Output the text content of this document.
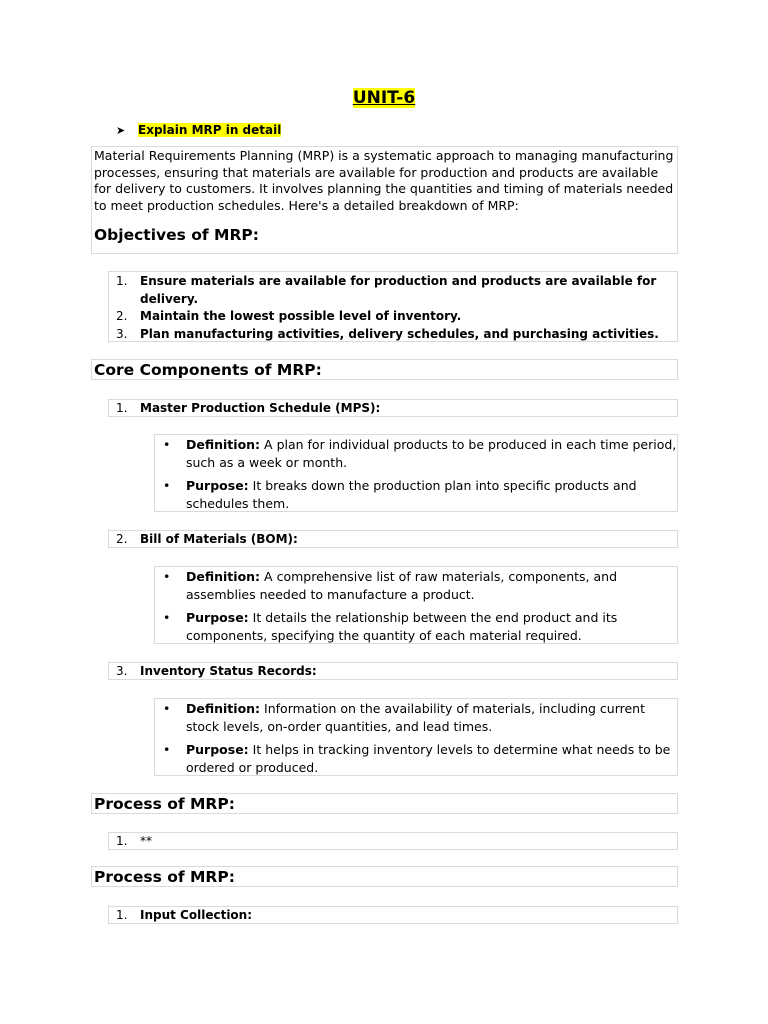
UNIT-6
➤ Explain MRP in detail

Material Requirements Planning (MRP) is a systematic approach to managing manufacturing processes, ensuring that materials are available for production and products are available for delivery to customers. It involves planning the quantities and timing of materials needed to meet production schedules. Here's a detailed breakdown of MRP:

Objectives of MRP:
1. Ensure materials are available for production and products are available for delivery.
2. Maintain the lowest possible level of inventory.
3. Plan manufacturing activities, delivery schedules, and purchasing activities.
Core Components of MRP:
1. Master Production Schedule (MPS):
• Definition: A plan for individual products to be produced in each time period, such as a week or month.
• Purpose: It breaks down the production plan into specific products and schedules them.
2. Bill of Materials (BOM):
• Definition: A comprehensive list of raw materials, components, and assemblies needed to manufacture a product.
• Purpose: It details the relationship between the end product and its components, specifying the quantity of each material required.
3. Inventory Status Records:
• Definition: Information on the availability of materials, including current stock levels, on-order quantities, and lead times.
• Purpose: It helps in tracking inventory levels to determine what needs to be ordered or produced.
Process of MRP:
1. **
Process of MRP:
1. Input Collection:
